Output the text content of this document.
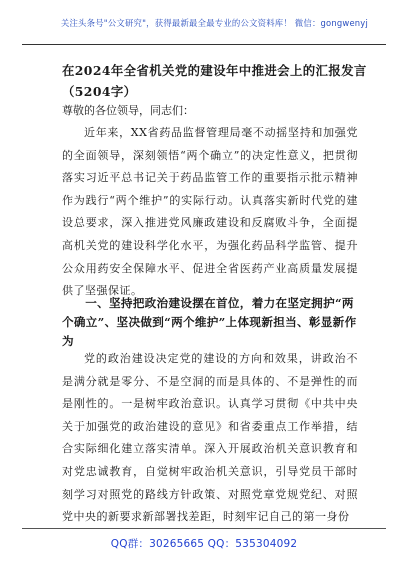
关注头条号"公文研究"，获得最新最全最专业的公文资料库！ 微信：gongwenyj
在2024年全省机关党的建设年中推进会上的汇报发言（5204字）

尊敬的各位领导，同志们：

近年来，XX省药品监督管理局毫不动摇坚持和加强党的全面领导，深刻领悟“两个确立”的决定性意义，把贯彻落实习近平总书记关于药品监管工作的重要指示批示精神作为践行“两个维护”的实际行动。认真落实新时代党的建设总要求，深入推进党风廉政建设和反腐败斗争，全面提高机关党的建设科学化水平，为强化药品科学监管、提升公众用药安全保障水平、促进全省医药产业高质量发展提供了坚强保证。

一、坚持把政治建设摆在首位，着力在坚定拥护“两个确立”、坚决做到“两个维护”上体现新担当、彰显新作为

党的政治建设决定党的建设的方向和效果，讲政治不是满分就是零分、不是空洞的而是具体的、不是弹性的而是刚性的。一是树牢政治意识。认真学习贯彻《中共中央关于加强党的政治建设的意见》和省委重点工作举措，结合实际细化建立落实清单。深入开展政治机关意识教育和对党忠诚教育，自觉树牢政治机关意识，引导党员干部时刻学习对照党的路线方针政策、对照党章党规党纪、对照党中央的新要求新部署找差距，时刻牢记自己的第一身份

QQ群：30265665 QQ：535304092
